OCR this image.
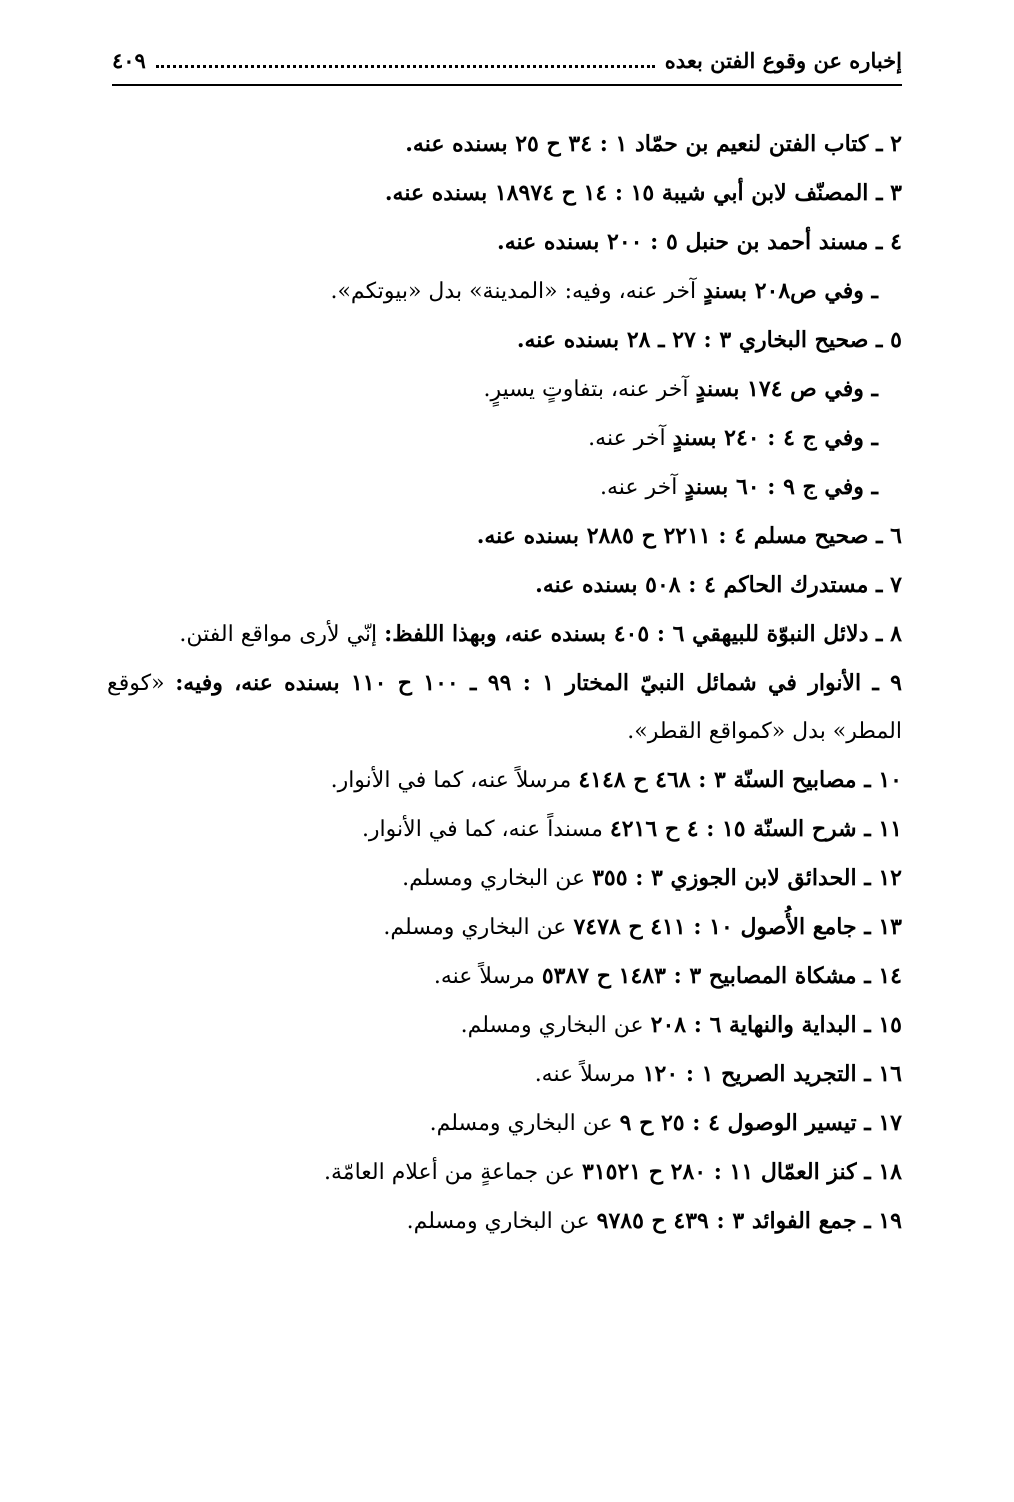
إخباره عن وقوع الفتن بعده
٤٠٩
٢ ـ كتاب الفتن لنعيم بن حمّاد ١ : ٣٤ ح ٢٥ بسنده عنه.
٣ ـ المصنّف لابن أبي شيبة ١٥ : ١٤ ح ١٨٩٧٤ بسنده عنه.
٤ ـ مسند أحمد بن حنبل ٥ : ٢٠٠ بسنده عنه.
ـ وفي ص٢٠٨ بسندٍ آخر عنه، وفيه: «المدينة» بدل «بيوتكم».
٥ ـ صحيح البخاري ٣ : ٢٧ ـ ٢٨ بسنده عنه.
ـ وفي ص ١٧٤ بسندٍ آخر عنه، بتفاوتٍ يسيرٍ.
ـ وفي ج ٤ : ٢٤٠ بسندٍ آخر عنه.
ـ وفي ج ٩ : ٦٠ بسندٍ آخر عنه.
٦ ـ صحيح مسلم ٤ : ٢٢١١ ح ٢٨٨٥ بسنده عنه.
٧ ـ مستدرك الحاكم ٤ : ٥٠٨ بسنده عنه.
٨ ـ دلائل النبوّة للبيهقي ٦ : ٤٠٥ بسنده عنه، وبهذا اللفظ: إنّي لأرى مواقع الفتن.
٩ ـ الأنوار في شمائل النبيّ المختار ١ : ٩٩ ـ ١٠٠ ح ١١٠ بسنده عنه، وفيه: «كوقع المطر» بدل «كمواقع القطر».
١٠ ـ مصابيح السنّة ٣ : ٤٦٨ ح ٤١٤٨ مرسلاً عنه، كما في الأنوار.
١١ ـ شرح السنّة ١٥ : ٤ ح ٤٢١٦ مسنداً عنه، كما في الأنوار.
١٢ ـ الحدائق لابن الجوزي ٣ : ٣٥٥ عن البخاري ومسلم.
١٣ ـ جامع الأُصول ١٠ : ٤١١ ح ٧٤٧٨ عن البخاري ومسلم.
١٤ ـ مشكاة المصابيح ٣ : ١٤٨٣ ح ٥٣٨٧ مرسلاً عنه.
١٥ ـ البداية والنهاية ٦ : ٢٠٨ عن البخاري ومسلم.
١٦ ـ التجريد الصريح ١ : ١٢٠ مرسلاً عنه.
١٧ ـ تيسير الوصول ٤ : ٢٥ ح ٩ عن البخاري ومسلم.
١٨ ـ كنز العمّال ١١ : ٢٨٠ ح ٣١٥٢١ عن جماعةٍ من أعلام العامّة.
١٩ ـ جمع الفوائد ٣ : ٤٣٩ ح ٩٧٨٥ عن البخاري ومسلم.
